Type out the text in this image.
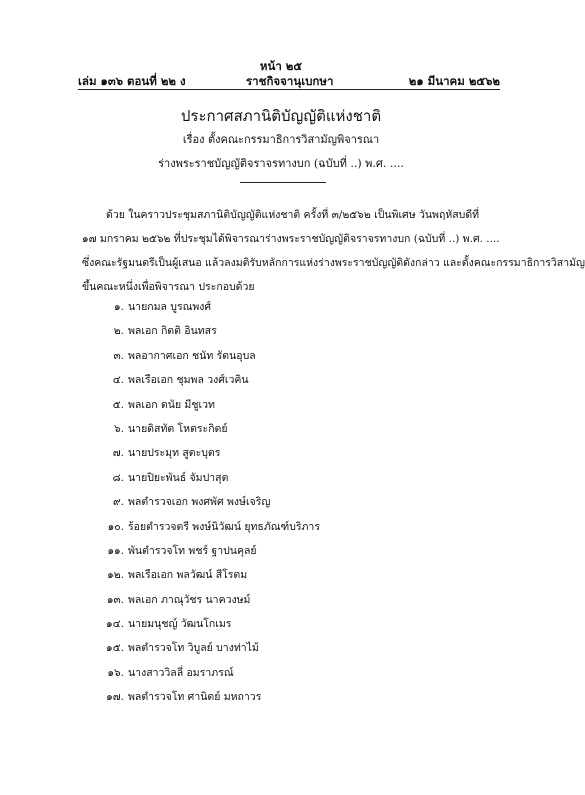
หน้า ๒๕
เล่ม ๑๓๖ ตอนที่ ๒๒ ง	ราชกิจจานุเบกษา	๒๑ มีนาคม ๒๕๖๒
ประกาศสภานิติบัญญัติแห่งชาติ
เรื่อง ตั้งคณะกรรมาธิการวิสามัญพิจารณา
ร่างพระราชบัญญัติจราจรทางบก (ฉบับที่ ..) พ.ศ. ....
ด้วย ในคราวประชุมสภานิติบัญญัติแห่งชาติ ครั้งที่ ๓/๒๕๖๒ เป็นพิเศษ วันพฤหัสบดีที่
๑๗ มกราคม ๒๕๖๒ ที่ประชุมได้พิจารณาร่างพระราชบัญญัติจราจรทางบก (ฉบับที่ ..) พ.ศ. ....
ซึ่งคณะรัฐมนตรีเป็นผู้เสนอ แล้วลงมติรับหลักการแห่งร่างพระราชบัญญัติดังกล่าว และตั้งคณะกรรมาธิการวิสามัญ
ขึ้นคณะหนึ่งเพื่อพิจารณา ประกอบด้วย
๑. นายกมล บูรณพงศ์
๒. พลเอก กิตติ อินทสร
๓. พลอากาศเอก ชนัท รัตนอุบล
๔. พลเรือเอก ชุมพล วงศ์เวคิน
๕. พลเอก ดนัย มีชูเวท
๖. นายดิสทัต โหตระกิตย์
๗. นายประมุท สูตะบุตร
๘. นายปิยะพันธ์ จัมปาสุต
๙. พลตำรวจเอก พงศพัศ พงษ์เจริญ
๑๐. ร้อยตำรวจตรี พงษ์นิวัฒน์ ยุทธภัณฑ์บริภาร
๑๑. พันตำรวจโท พชร์ ฐาปนคุลย์
๑๒. พลเรือเอก พลวัฒน์ สีโรตม
๑๓. พลเอก ภาณุวัชร นาควงษม์
๑๔. นายมนุชญ์ วัฒนโกเมร
๑๕. พลตำรวจโท วิบูลย์ บางท่าไม้
๑๖. นางสาววิลลี่ อมราภรณ์
๑๗. พลตำรวจโท ศานิตย์ มหถาวร
